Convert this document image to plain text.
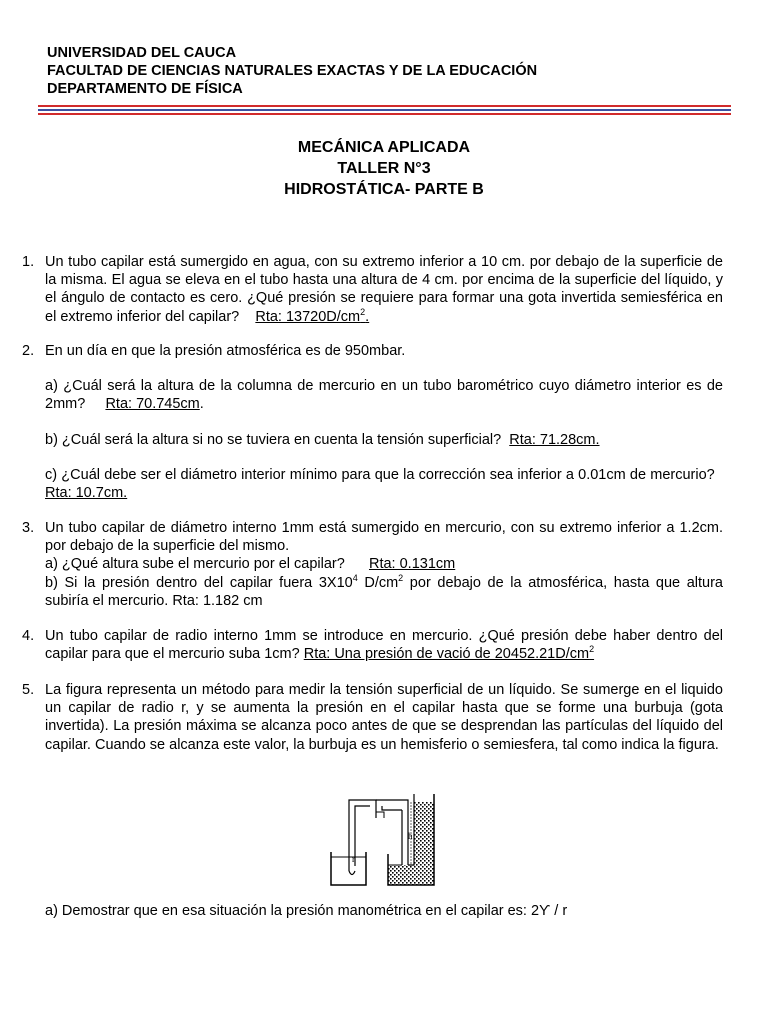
UNIVERSIDAD DEL CAUCA
FACULTAD DE CIENCIAS NATURALES EXACTAS Y DE LA EDUCACIÓN
DEPARTAMENTO DE FÍSICA
MECÁNICA APLICADA
TALLER N°3
HIDROSTÁTICA- PARTE B
1. Un tubo capilar está sumergido en agua, con su extremo inferior a 10 cm. por debajo de la superficie de la misma. El agua se eleva en el tubo hasta una altura de 4 cm. por encima de la superficie del líquido, y el ángulo de contacto es cero. ¿Qué presión se requiere para formar una gota invertida semiesférica en el extremo inferior del capilar? Rta: $13720D/cm^2$.
2. En un día en que la presión atmosférica es de 950mbar.
a) ¿Cuál será la altura de la columna de mercurio en un tubo barométrico cuyo diámetro interior es de 2mm? Rta: 70.745cm.
b) ¿Cuál será la altura si no se tuviera en cuenta la tensión superficial? Rta: 71.28cm.
c) ¿Cuál debe ser el diámetro interior mínimo para que la corrección sea inferior a 0.01cm de mercurio?   Rta: 10.7cm.
3. Un tubo capilar de diámetro interno 1mm está sumergido en mercurio, con su extremo inferior a 1.2cm. por debajo de la superficie del mismo.

a) ¿Qué altura sube el mercurio por el capilar? Rta: 0.131cm

b) Si la presión dentro del capilar fuera $3X10^4$ $D/cm^2$ por debajo de la atmosférica, hasta que altura subiría el mercurio. Rta: 1.182 cm

4. Un tubo capilar de radio interno 1mm se introduce en mercurio. ¿Qué presión debe haber dentro del capilar para que el mercurio suba 1cm? Rta: Una presión de vació de $20452.21D/cm^2$
5. La figura representa un método para medir la tensión superficial de un líquido. Se sumerge en el liquido un capilar de radio r, y se aumenta la presión en el capilar hasta que se forme una burbuja (gota invertida). La presión máxima se alcanza poco antes de que se desprendan las partículas del líquido del capilar. Cuando se alcanza este valor, la burbuja es un hemisferio o semiesfera, tal como indica la figura.
r
h
a) Demostrar que en esa situación la presión manométrica en el capilar es: 2ϒ / r
